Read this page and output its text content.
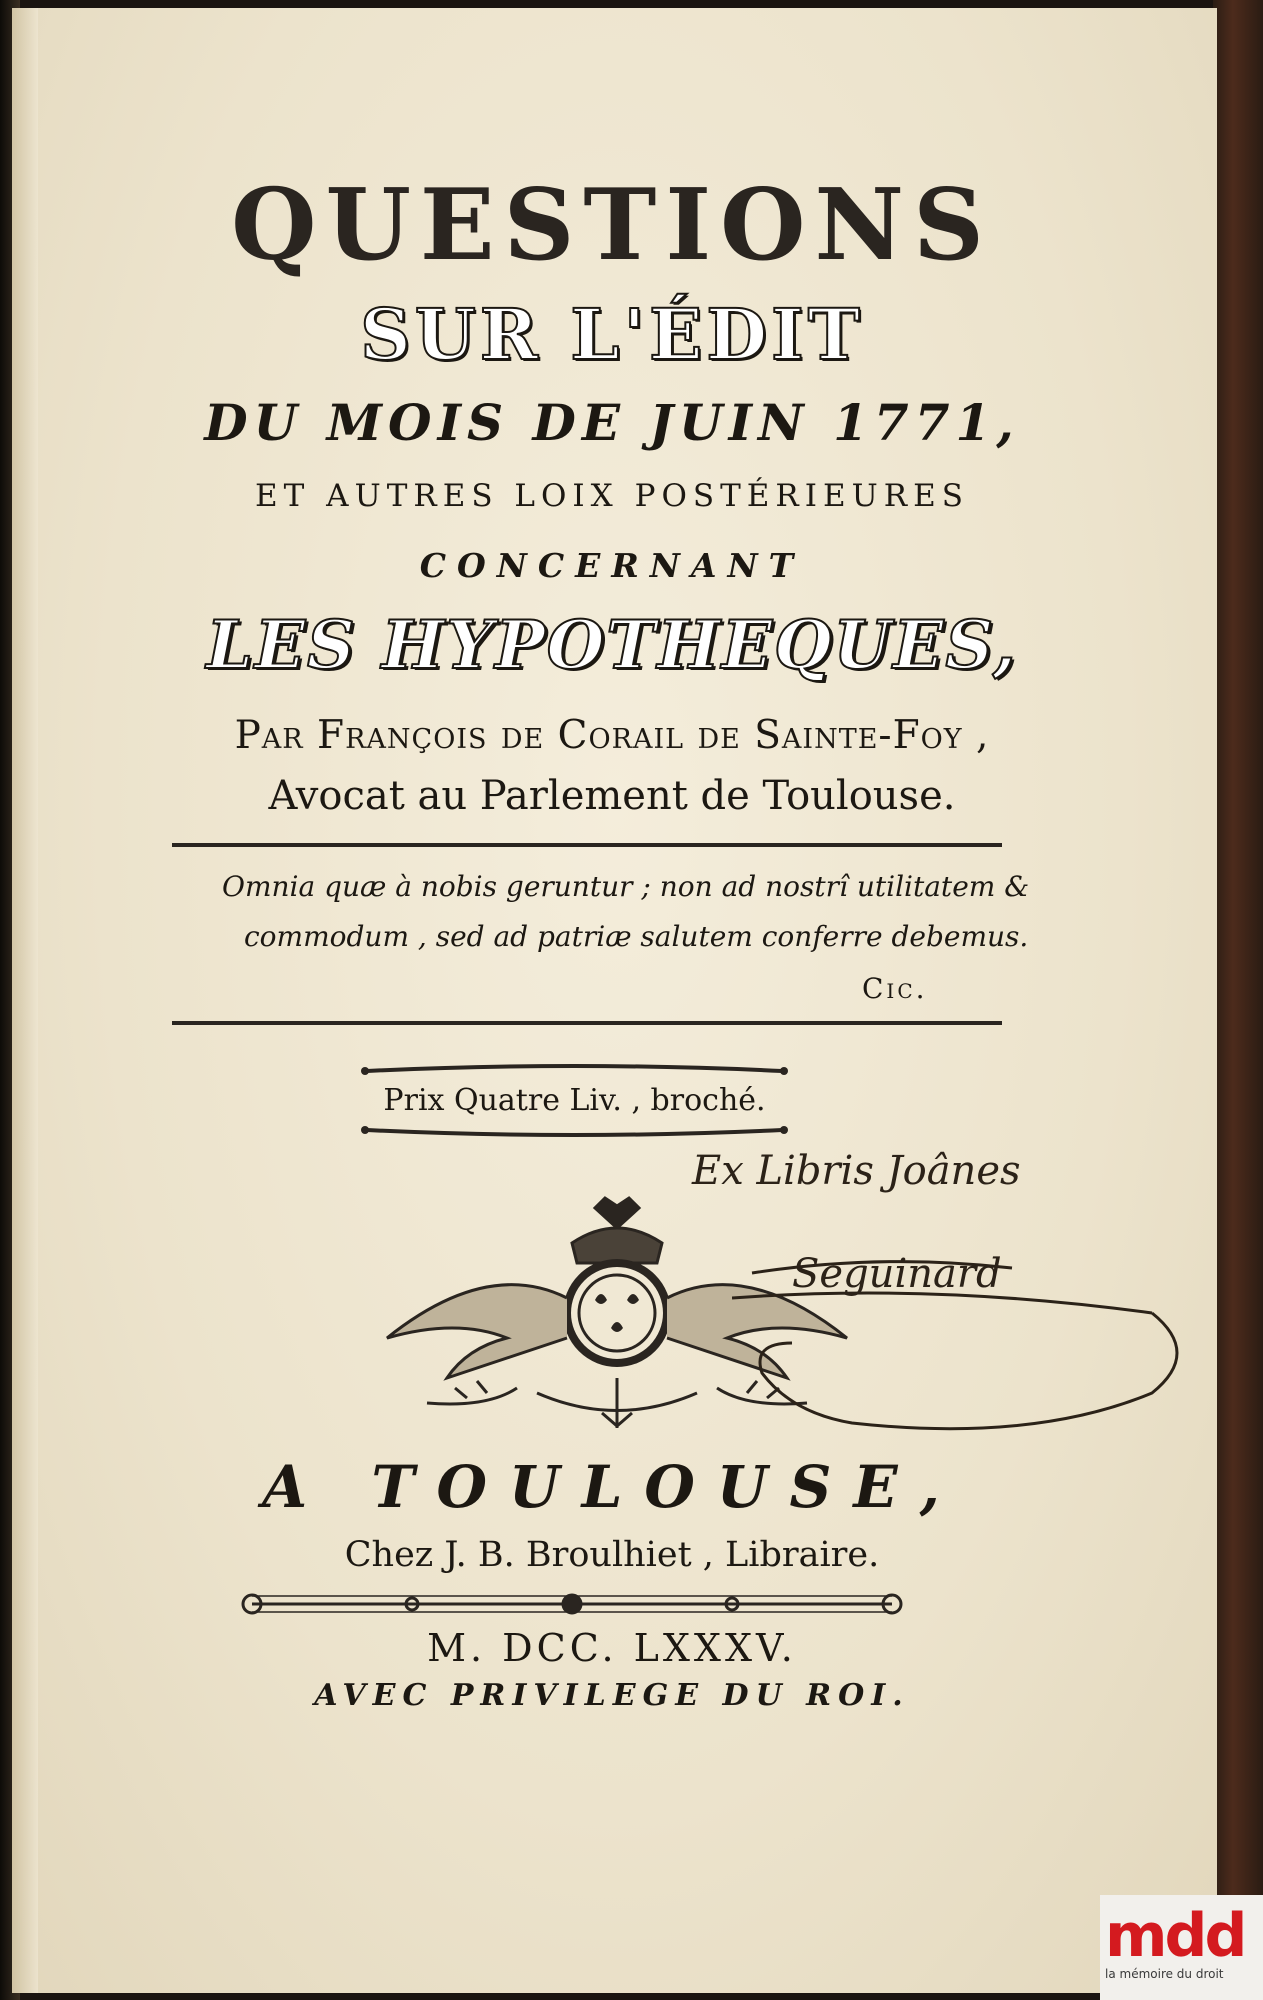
QUESTIONS
SUR L'ÉDIT
DU MOIS DE JUIN 1771,
ET AUTRES LOIX POSTÉRIEURES
CONCERNANT
LES HYPOTHEQUES,
Par François de Corail de Sainte-Foy ,
Avocat au Parlement de Toulouse.
Omnia quæ à nobis geruntur ; non ad nostrî utilitatem &
commodum , sed ad patriæ salutem conferre debemus.
Cic.
Prix Quatre Liv. , broché.
Ex Libris Joânes
Seguinard
A TOULOUSE,
Chez J. B. Broulhiet , Libraire.
M. DCC. LXXXV.
AVEC PRIVILEGE DU ROI.
mdd
la mémoire du droit
